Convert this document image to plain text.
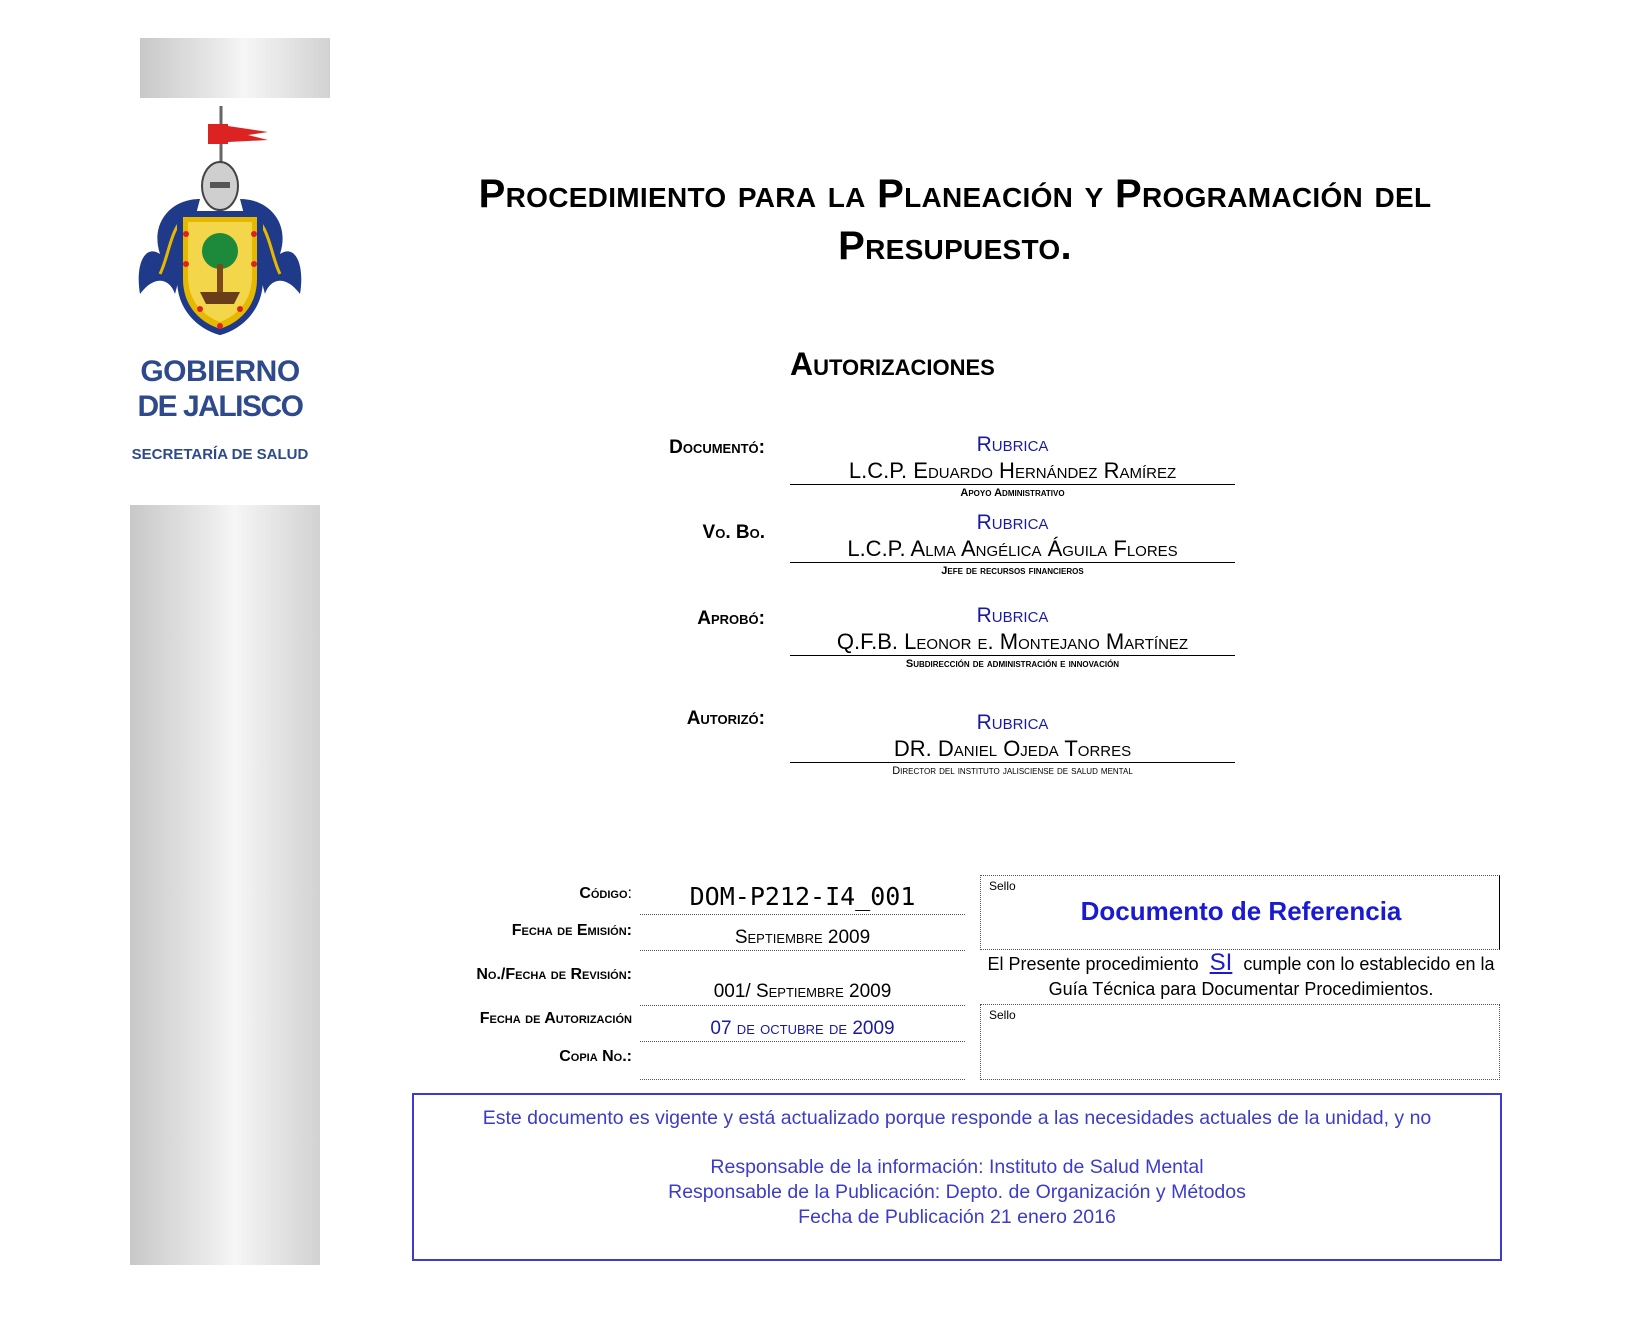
GOBIERNO
DE JALISCO
SECRETARÍA DE SALUD
Procedimiento para la Planeación y Programación del
Presupuesto.
Autorizaciones
Documentó:	Rubrica
L.C.P. Eduardo Hernández Ramírez
Apoyo Administrativo
Vo. Bo.	Rubrica
L.C.P. Alma Angélica Águila Flores
Jefe de recursos financieros
Aprobó:	Rubrica
Q.F.B. Leonor e. Montejano Martínez
Subdirección de administración e innovación
Autorizó:	Rubrica
DR. Daniel Ojeda Torres
Director del instituto jalisciense de salud mental
Código:	DOM-P212-I4_001
Fecha de Emisión:	Septiembre 2009
No./Fecha de Revisión:
001/ Septiembre 2009
Fecha de Autorización	07 de octubre de 2009
Copia No.:
Sello
Documento de Referencia
El Presente procedimiento SI cumple con lo establecido en la Guía Técnica para Documentar Procedimientos.
Sello
Este documento es vigente y está actualizado porque responde a las necesidades actuales de la unidad, y no
Responsable de la información: Instituto de Salud Mental
Responsable de la Publicación: Depto. de Organización y Métodos
Fecha de Publicación 21 enero 2016
